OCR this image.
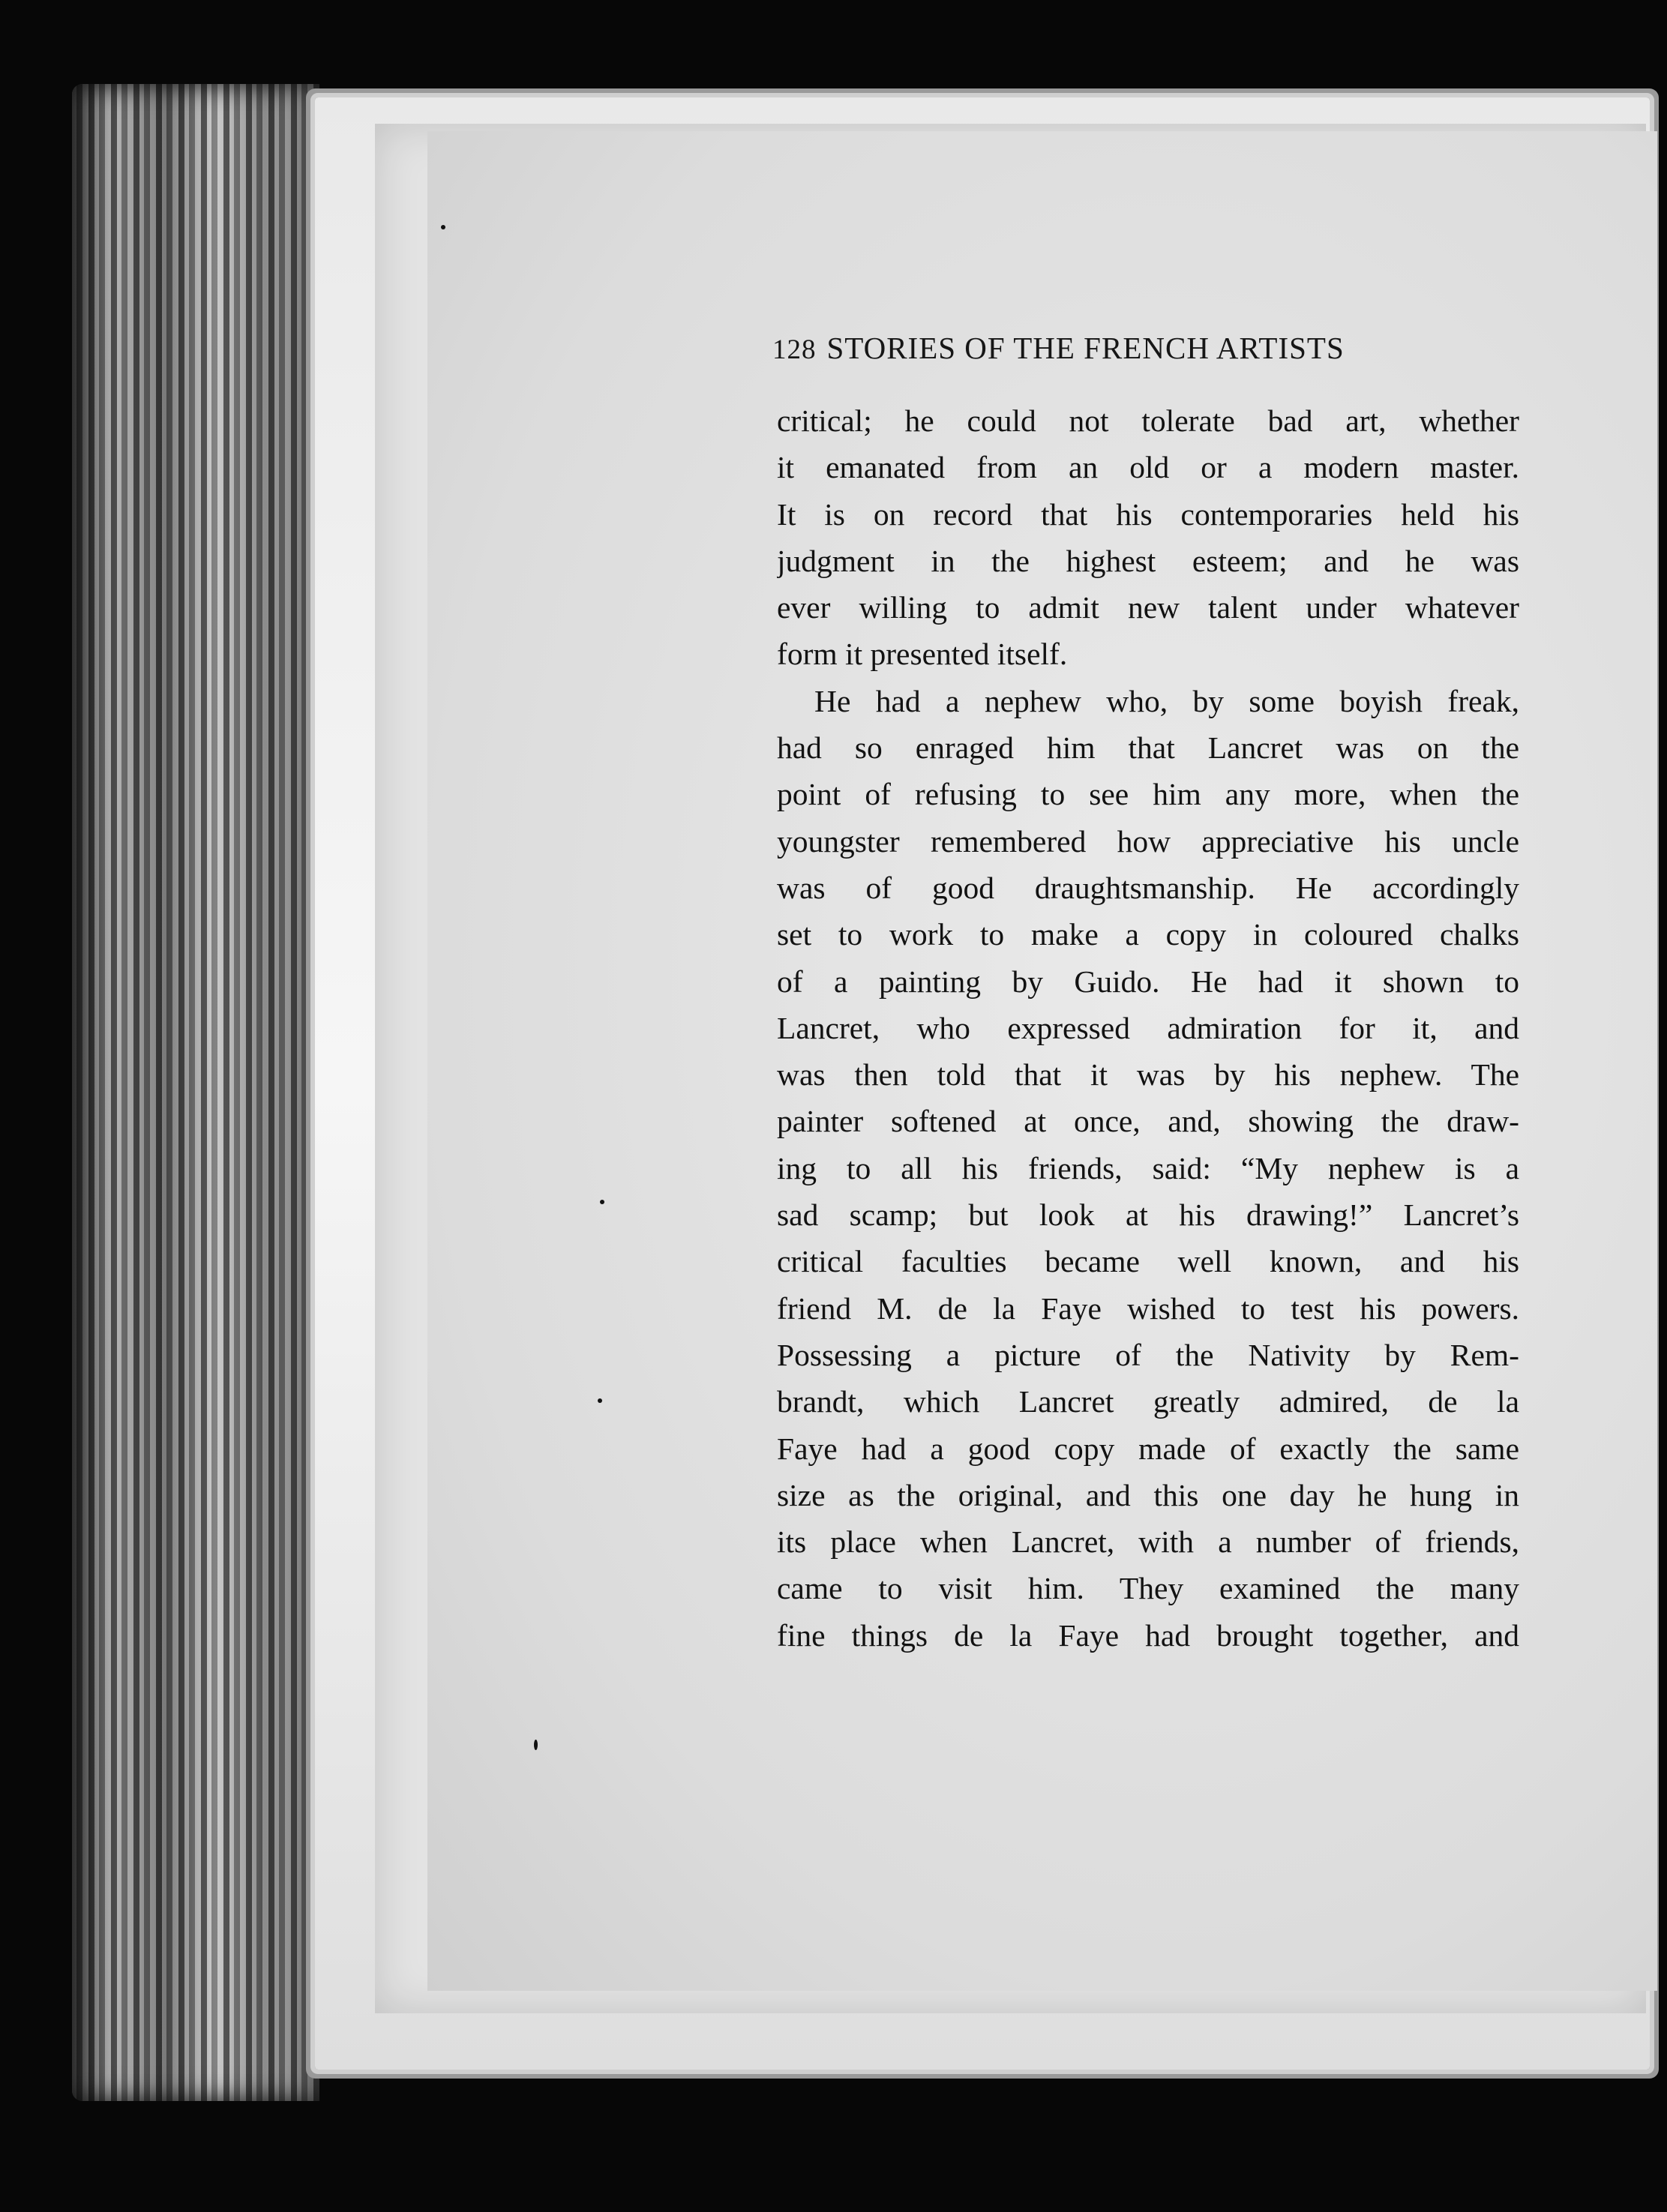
128 STORIES OF THE FRENCH ARTISTS
critical; he could not tolerate bad art, whether
it emanated from an old or a modern master.
It is on record that his contemporaries held his
judgment in the highest esteem; and he was
ever willing to admit new talent under whatever
form it presented itself.
He had a nephew who, by some boyish freak,
had so enraged him that Lancret was on the
point of refusing to see him any more, when the
youngster remembered how appreciative his uncle
was of good draughtsmanship. He accordingly
set to work to make a copy in coloured chalks
of a painting by Guido. He had it shown to
Lancret, who expressed admiration for it, and
was then told that it was by his nephew. The
painter softened at once, and, showing the draw-
ing to all his friends, said: “My nephew is a
sad scamp; but look at his drawing!” Lancret’s
critical faculties became well known, and his
friend M. de la Faye wished to test his powers.
Possessing a picture of the Nativity by Rem-
brandt, which Lancret greatly admired, de la
Faye had a good copy made of exactly the same
size as the original, and this one day he hung in
its place when Lancret, with a number of friends,
came to visit him. They examined the many
fine things de la Faye had brought together, and
